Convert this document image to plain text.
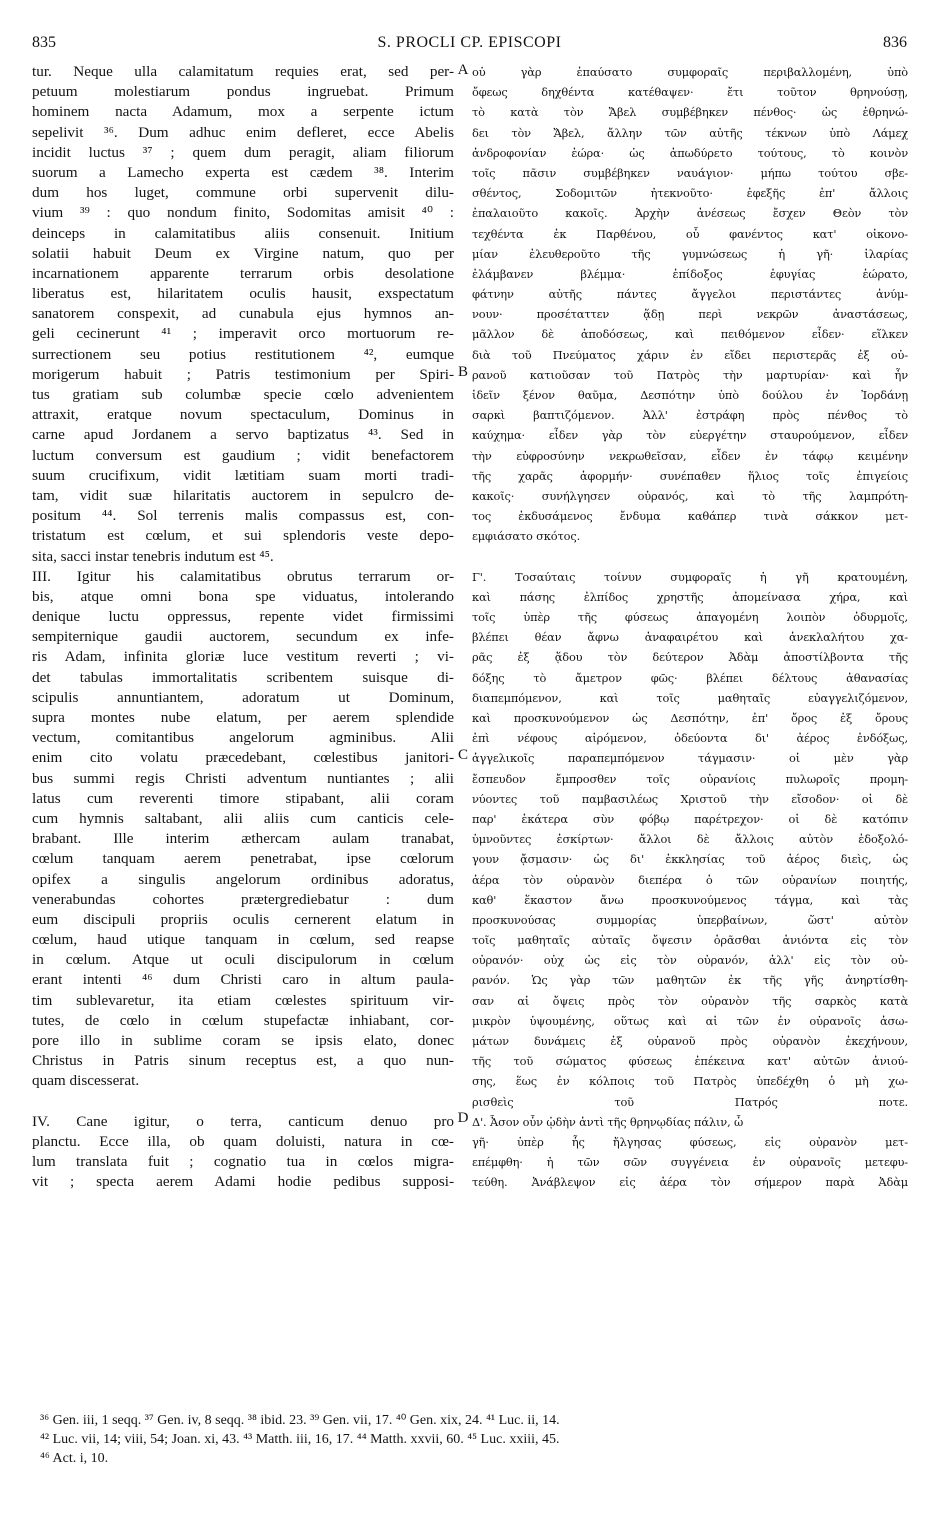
835	S. PROCLI CP. EPISCOPI	836
tur. Neque ulla calamitatum requies erat, sed per-
petuum molestiarum pondus ingruebat. Primum
hominem nacta Adamum, mox a serpente ictum
sepelivit ³⁶. Dum adhuc enim defleret, ecce Abelis
incidit luctus ³⁷ ; quem dum peragit, aliam filiorum
suorum a Lamecho experta est cædem ³⁸. Interim
dum hos luget, commune orbi supervenit dilu-
vium ³⁹ : quo nondum finito, Sodomitas amisit ⁴⁰ :
deinceps in calamitatibus aliis consenuit. Initium
solatii habuit Deum ex Virgine natum, quo per
incarnationem apparente terrarum orbis desolatione
liberatus est, hilaritatem oculis hausit, exspectatum
sanatorem conspexit, ad cunabula ejus hymnos an-
geli cecinerunt ⁴¹ ; imperavit orco mortuorum re-
surrectionem seu potius restitutionem ⁴², eumque
morigerum habuit ; Patris testimonium per Spiri-
tus gratiam sub columbæ specie cœlo advenientem
attraxit, eratque novum spectaculum, Dominus in
carne apud Jordanem a servo baptizatus ⁴³. Sed in
luctum conversum est gaudium ; vidit benefactorem
suum crucifixum, vidit lætitiam suam morti tradi-
tam, vidit suæ hilaritatis auctorem in sepulcro de-
positum ⁴⁴. Sol terrenis malis compassus est, con-
tristatum est cœlum, et sui splendoris veste depo-
sita, sacci instar tenebris indutum est ⁴⁵.
III. Igitur his calamitatibus obrutus terrarum or-
bis, atque omni bona spe viduatus, intolerando
denique luctu oppressus, repente videt firmissimi
sempiternique gaudii auctorem, secundum ex infe-
ris Adam, infinita gloriæ luce vestitum reverti ; vi-
det tabulas immortalitatis scribentem suisque di-
scipulis annuntiantem, adoratum ut Dominum,
supra montes nube elatum, per aerem splendide
vectum, comitantibus angelorum agminibus. Alii
enim cito volatu præcedebant, cœlestibus janitori-
bus summi regis Christi adventum nuntiantes ; alii
latus cum reverenti timore stipabant, alii coram
cum hymnis saltabant, alii aliis cum canticis cele-
brabant. Ille interim æthercam aulam tranabat,
cœlum tanquam aerem penetrabat, ipse cœlorum
opifex a singulis angelorum ordinibus adoratus,
venerabundas cohortes prætergrediebatur : dum
eum discipuli propriis oculis cernerent elatum in
cœlum, haud utique tanquam in cœlum, sed reapse
in cœlum. Atque ut oculi discipulorum in cœlum
erant intenti ⁴⁶ dum Christi caro in altum paula-
tim sublevaretur, ita etiam cœlestes spirituum vir-
tutes, de cœlo in cœlum stupefactæ inhiabant, cor-
pore illo in sublime coram se ipsis elato, donec
Christus in Patris sinum receptus est, a quo nun-
quam discesserat.
IV. Cane igitur, o terra, canticum denuo pro
planctu. Ecce illa, ob quam doluisti, natura in cœ-
lum translata fuit ; cognatio tua in cœlos migra-
vit ; specta aerem Adami hodie pedibus supposi-
οὐ γὰρ ἐπαύσατο συμφοραῖς περιβαλλομένη, ὑπὸ
ὄφεως δηχθέντα κατέθαψεν· ἔτι τοῦτον θρηνούσῃ,
τὸ κατὰ τὸν Ἄβελ συμβέβηκεν πένθος· ὡς ἐθρηνώ-
δει τὸν Ἄβελ, ἄλλην τῶν αὐτῆς τέκνων ὑπὸ Λάμεχ
ἀνδροφονίαν ἑώρα· ὡς ἀπωδύρετο τούτους, τὸ κοινὸν
τοῖς πᾶσιν συμβέβηκεν ναυάγιον· μήπω τούτου σβε-
σθέντος, Σοδομιτῶν ἠτεκνοῦτο· ἐφεξῆς ἐπ' ἄλλοις
ἐπαλαιοῦτο κακοῖς. Ἀρχὴν ἀνέσεως ἔσχεν Θεὸν τὸν
τεχθέντα ἐκ Παρθένου, οὗ φανέντος κατ' οἰκονο-
μίαν ἐλευθεροῦτο τῆς γυμνώσεως ἡ γῆ· ἱλαρίας
ἐλάμβανεν βλέμμα· ἐπίδοξος ἐφυγίας ἑώρατο,
φάτνην αὐτῆς πάντες ἄγγελοι περιστάντες ἀνύμ-
νουν· προσέταττεν ᾅδῃ περὶ νεκρῶν ἀναστάσεως,
μᾶλλον δὲ ἀποδόσεως, καὶ πειθόμενον εἶδεν· εἵλκεν
διὰ τοῦ Πνεύματος χάριν ἐν εἴδει περιστερᾶς ἐξ οὐ-
ρανοῦ κατιοῦσαν τοῦ Πατρὸς τὴν μαρτυρίαν· καὶ ἦν
ἰδεῖν ξένον θαῦμα, Δεσπότην ὑπὸ δούλου ἐν Ἰορδάνῃ
σαρκὶ βαπτιζόμενον. Ἀλλ' ἐστράφη πρὸς πένθος τὸ
καύχημα· εἶδεν γὰρ τὸν εὐεργέτην σταυρούμενον, εἶδεν
τὴν εὐφροσύνην νεκρωθεῖσαν, εἶδεν ἐν τάφῳ κειμένην
τῆς χαρᾶς ἀφορμήν· συνέπαθεν ἥλιος τοῖς ἐπιγείοις
κακοῖς· συνήλγησεν οὐρανός, καὶ τὸ τῆς λαμπρότη-
τος ἐκδυσάμενος ἔνδυμα καθάπερ τινὰ σάκκον μετ-
εμφιάσατο σκότος.
Γ'. Τοσαύταις τοίνυν συμφοραῖς ἡ γῆ κρατουμένη,
καὶ πάσης ἐλπίδος χρηστῆς ἀπομείνασα χήρα, καὶ
τοῖς ὑπὲρ τῆς φύσεως ἀπαγομένη λοιπὸν ὀδυρμοῖς,
βλέπει θέαν ἄφνω ἀναφαιρέτου καὶ ἀνεκλαλήτου χα-
ρᾶς ἐξ ᾅδου τὸν δεύτερον Ἀδὰμ ἀποστίλβοντα τῆς
δόξης τὸ ἄμετρον φῶς· βλέπει δέλτους ἀθανασίας
διαπεμπόμενον, καὶ τοῖς μαθηταῖς εὐαγγελιζόμενον,
καὶ προσκυνούμενον ὡς Δεσπότην, ἐπ' ὄρος ἐξ ὄρους
ἐπὶ νέφους αἰρόμενον, ὁδεύοντα δι' ἀέρος ἐνδόξως,
ἀγγελικοῖς παραπεμπόμενον τάγμασιν· οἱ μὲν γὰρ
ἔσπευδον ἔμπροσθεν τοῖς οὐρανίοις πυλωροῖς προμη-
νύοντες τοῦ παμβασιλέως Χριστοῦ τὴν εἴσοδον· οἱ δὲ
παρ' ἑκάτερα σὺν φόβῳ παρέτρεχον· οἱ δὲ κατόπιν
ὑμνοῦντες ἐσκίρτων· ἄλλοι δὲ ἄλλοις αὐτὸν ἐδοξολό-
γουν ᾄσμασιν· ὡς δι' ἐκκλησίας τοῦ ἀέρος διεὶς, ὡς
ἀέρα τὸν οὐρανὸν διεπέρα ὁ τῶν οὐρανίων ποιητής,
καθ' ἕκαστον ἄνω προσκυνούμενος τάγμα, καὶ τὰς
προσκυνούσας συμμορίας ὑπερβαίνων, ὥστ' αὐτὸν
τοῖς μαθηταῖς αὐταῖς ὄψεσιν ὁρᾶσθαι ἀνιόντα εἰς τὸν
οὐρανόν· οὐχ ὡς εἰς τὸν οὐρανόν, ἀλλ' εἰς τὸν οὐ-
ρανόν. Ὡς γὰρ τῶν μαθητῶν ἐκ τῆς γῆς ἀνηρτίσθη-
σαν αἱ ὄψεις πρὸς τὸν οὐρανὸν τῆς σαρκὸς κατὰ
μικρὸν ὑψουμένης, οὕτως καὶ αἱ τῶν ἐν οὐρανοῖς ἀσω-
μάτων δυνάμεις ἐξ οὐρανοῦ πρὸς οὐρανὸν ἐκεχήνουν,
τῆς τοῦ σώματος φύσεως ἐπέκεινα κατ' αὐτῶν ἀνιού-
σης, ἕως ἐν κόλποις τοῦ Πατρὸς ὑπεδέχθη ὁ μὴ χω-
ρισθεὶς τοῦ Πατρός ποτε.
Δ'. Ἆσον οὖν ᾠδὴν ἀντὶ τῆς θρηνῳδίας πάλιν, ὦ
γῆ· ὑπὲρ ἧς ἤλγησας φύσεως, εἰς οὐρανὸν μετ-
επέμφθη· ἡ τῶν σῶν συγγένεια ἐν οὐρανοῖς μετεφυ-
τεύθη. Ἀνάβλεψον εἰς ἀέρα τὸν σήμερον παρὰ Ἀδὰμ
A
B
C
D
³⁶ Gen. iii, 1 seqq. ³⁷ Gen. iv, 8 seqq. ³⁸ ibid. 23. ³⁹ Gen. vii, 17. ⁴⁰ Gen. xix, 24. ⁴¹ Luc. ii, 14.
⁴² Luc. vii, 14; viii, 54; Joan. xi, 43. ⁴³ Matth. iii, 16, 17. ⁴⁴ Matth. xxvii, 60. ⁴⁵ Luc. xxiii, 45.
⁴⁶ Act. i, 10.
